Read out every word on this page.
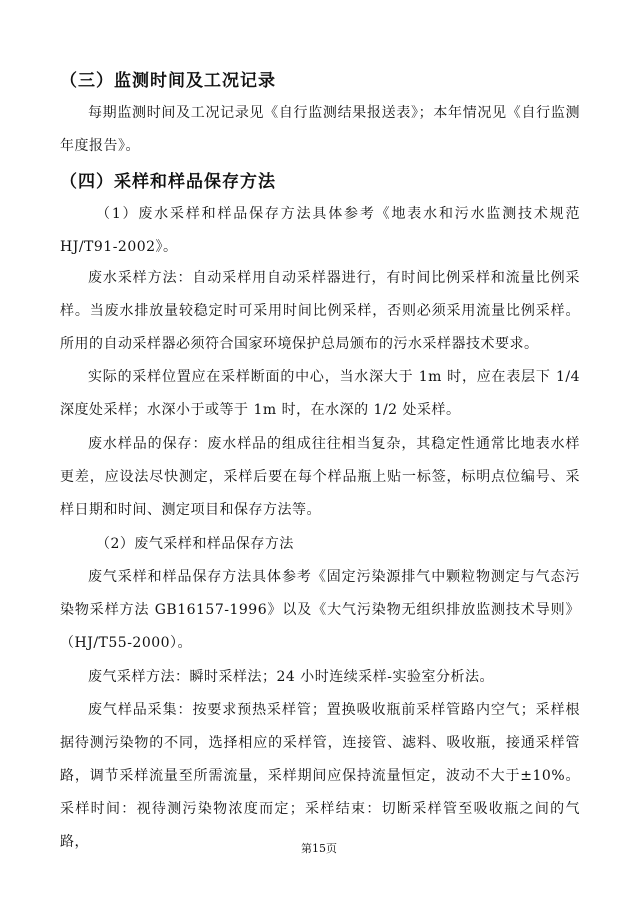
（三）监测时间及工况记录
每期监测时间及工况记录见《自行监测结果报送表》；本年情况见《自行监测年度报告》。
（四）采样和样品保存方法
（1）废水采样和样品保存方法具体参考《地表水和污水监测技术规范HJ/T91-2002》。
废水采样方法：自动采样用自动采样器进行，有时间比例采样和流量比例采样。当废水排放量较稳定时可采用时间比例采样，否则必须采用流量比例采样。所用的自动采样器必须符合国家环境保护总局颁布的污水采样器技术要求。
实际的采样位置应在采样断面的中心，当水深大于 1m 时，应在表层下 1/4深度处采样；水深小于或等于 1m 时，在水深的 1/2 处采样。
废水样品的保存：废水样品的组成往往相当复杂，其稳定性通常比地表水样更差，应设法尽快测定，采样后要在每个样品瓶上贴一标签，标明点位编号、采样日期和时间、测定项目和保存方法等。
（2）废气采样和样品保存方法
废气采样和样品保存方法具体参考《固定污染源排气中颗粒物测定与气态污染物采样方法 GB16157-1996》以及《大气污染物无组织排放监测技术导则》（HJ/T55-2000）。
废气采样方法：瞬时采样法；24 小时连续采样-实验室分析法。
废气样品采集：按要求预热采样管；置换吸收瓶前采样管路内空气；采样根据待测污染物的不同，选择相应的采样管，连接管、滤料、吸收瓶，接通采样管路，调节采样流量至所需流量，采样期间应保持流量恒定，波动不大于±10%。采样时间：视待测污染物浓度而定；采样结束：切断采样管至吸收瓶之间的气路，	第15页
